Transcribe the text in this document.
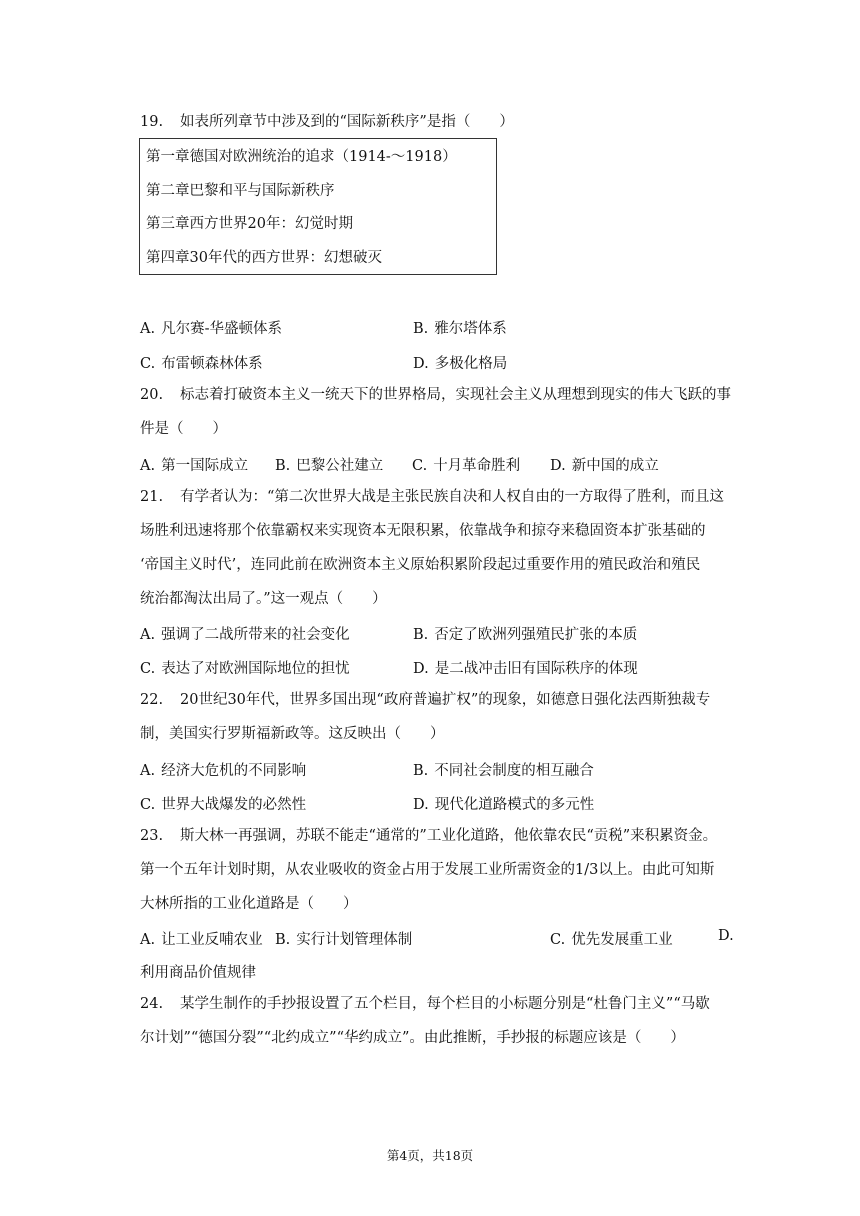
19. 如表所列章节中涉及到的“国际新秩序”是指（　　）
第一章德国对欧洲统治的追求（1914-～1918）
第二章巴黎和平与国际新秩序
第三章西方世界20年：幻觉时期
第四章30年代的西方世界：幻想破灭
A. 凡尔赛-华盛顿体系	B. 雅尔塔体系
C. 布雷顿森林体系	D. 多极化格局
20. 标志着打破资本主义一统天下的世界格局，实现社会主义从理想到现实的伟大飞跃的事
件是（　　）
A. 第一国际成立 B. 巴黎公社建立 C. 十月革命胜利 D. 新中国的成立
21. 有学者认为：“第二次世界大战是主张民族自决和人权自由的一方取得了胜利，而且这
场胜利迅速将那个依靠霸权来实现资本无限积累，依靠战争和掠夺来稳固资本扩张基础的
‘帝国主义时代’，连同此前在欧洲资本主义原始积累阶段起过重要作用的殖民政治和殖民
统治都淘汰出局了。”这一观点（　　）
A. 强调了二战所带来的社会变化	B. 否定了欧洲列强殖民扩张的本质
C. 表达了对欧洲国际地位的担忧	D. 是二战冲击旧有国际秩序的体现
22. 20世纪30年代，世界多国出现“政府普遍扩权”的现象，如德意日强化法西斯独裁专
制，美国实行罗斯福新政等。这反映出（　　）
A. 经济大危机的不同影响	B. 不同社会制度的相互融合
C. 世界大战爆发的必然性	D. 现代化道路模式的多元性
23. 斯大林一再强调，苏联不能走“通常的”工业化道路，他依靠农民“贡税”来积累资金。
第一个五年计划时期，从农业吸收的资金占用于发展工业所需资金的1/3以上。由此可知斯
大林所指的工业化道路是（　　）
A. 让工业反哺农业 B. 实行计划管理体制	C. 优先发展重工业	D.
利用商品价值规律
24. 某学生制作的手抄报设置了五个栏目，每个栏目的小标题分别是“杜鲁门主义”“马歇
尔计划”“德国分裂”“北约成立”“华约成立”。由此推断，手抄报的标题应该是（　　）
第4页，共18页
